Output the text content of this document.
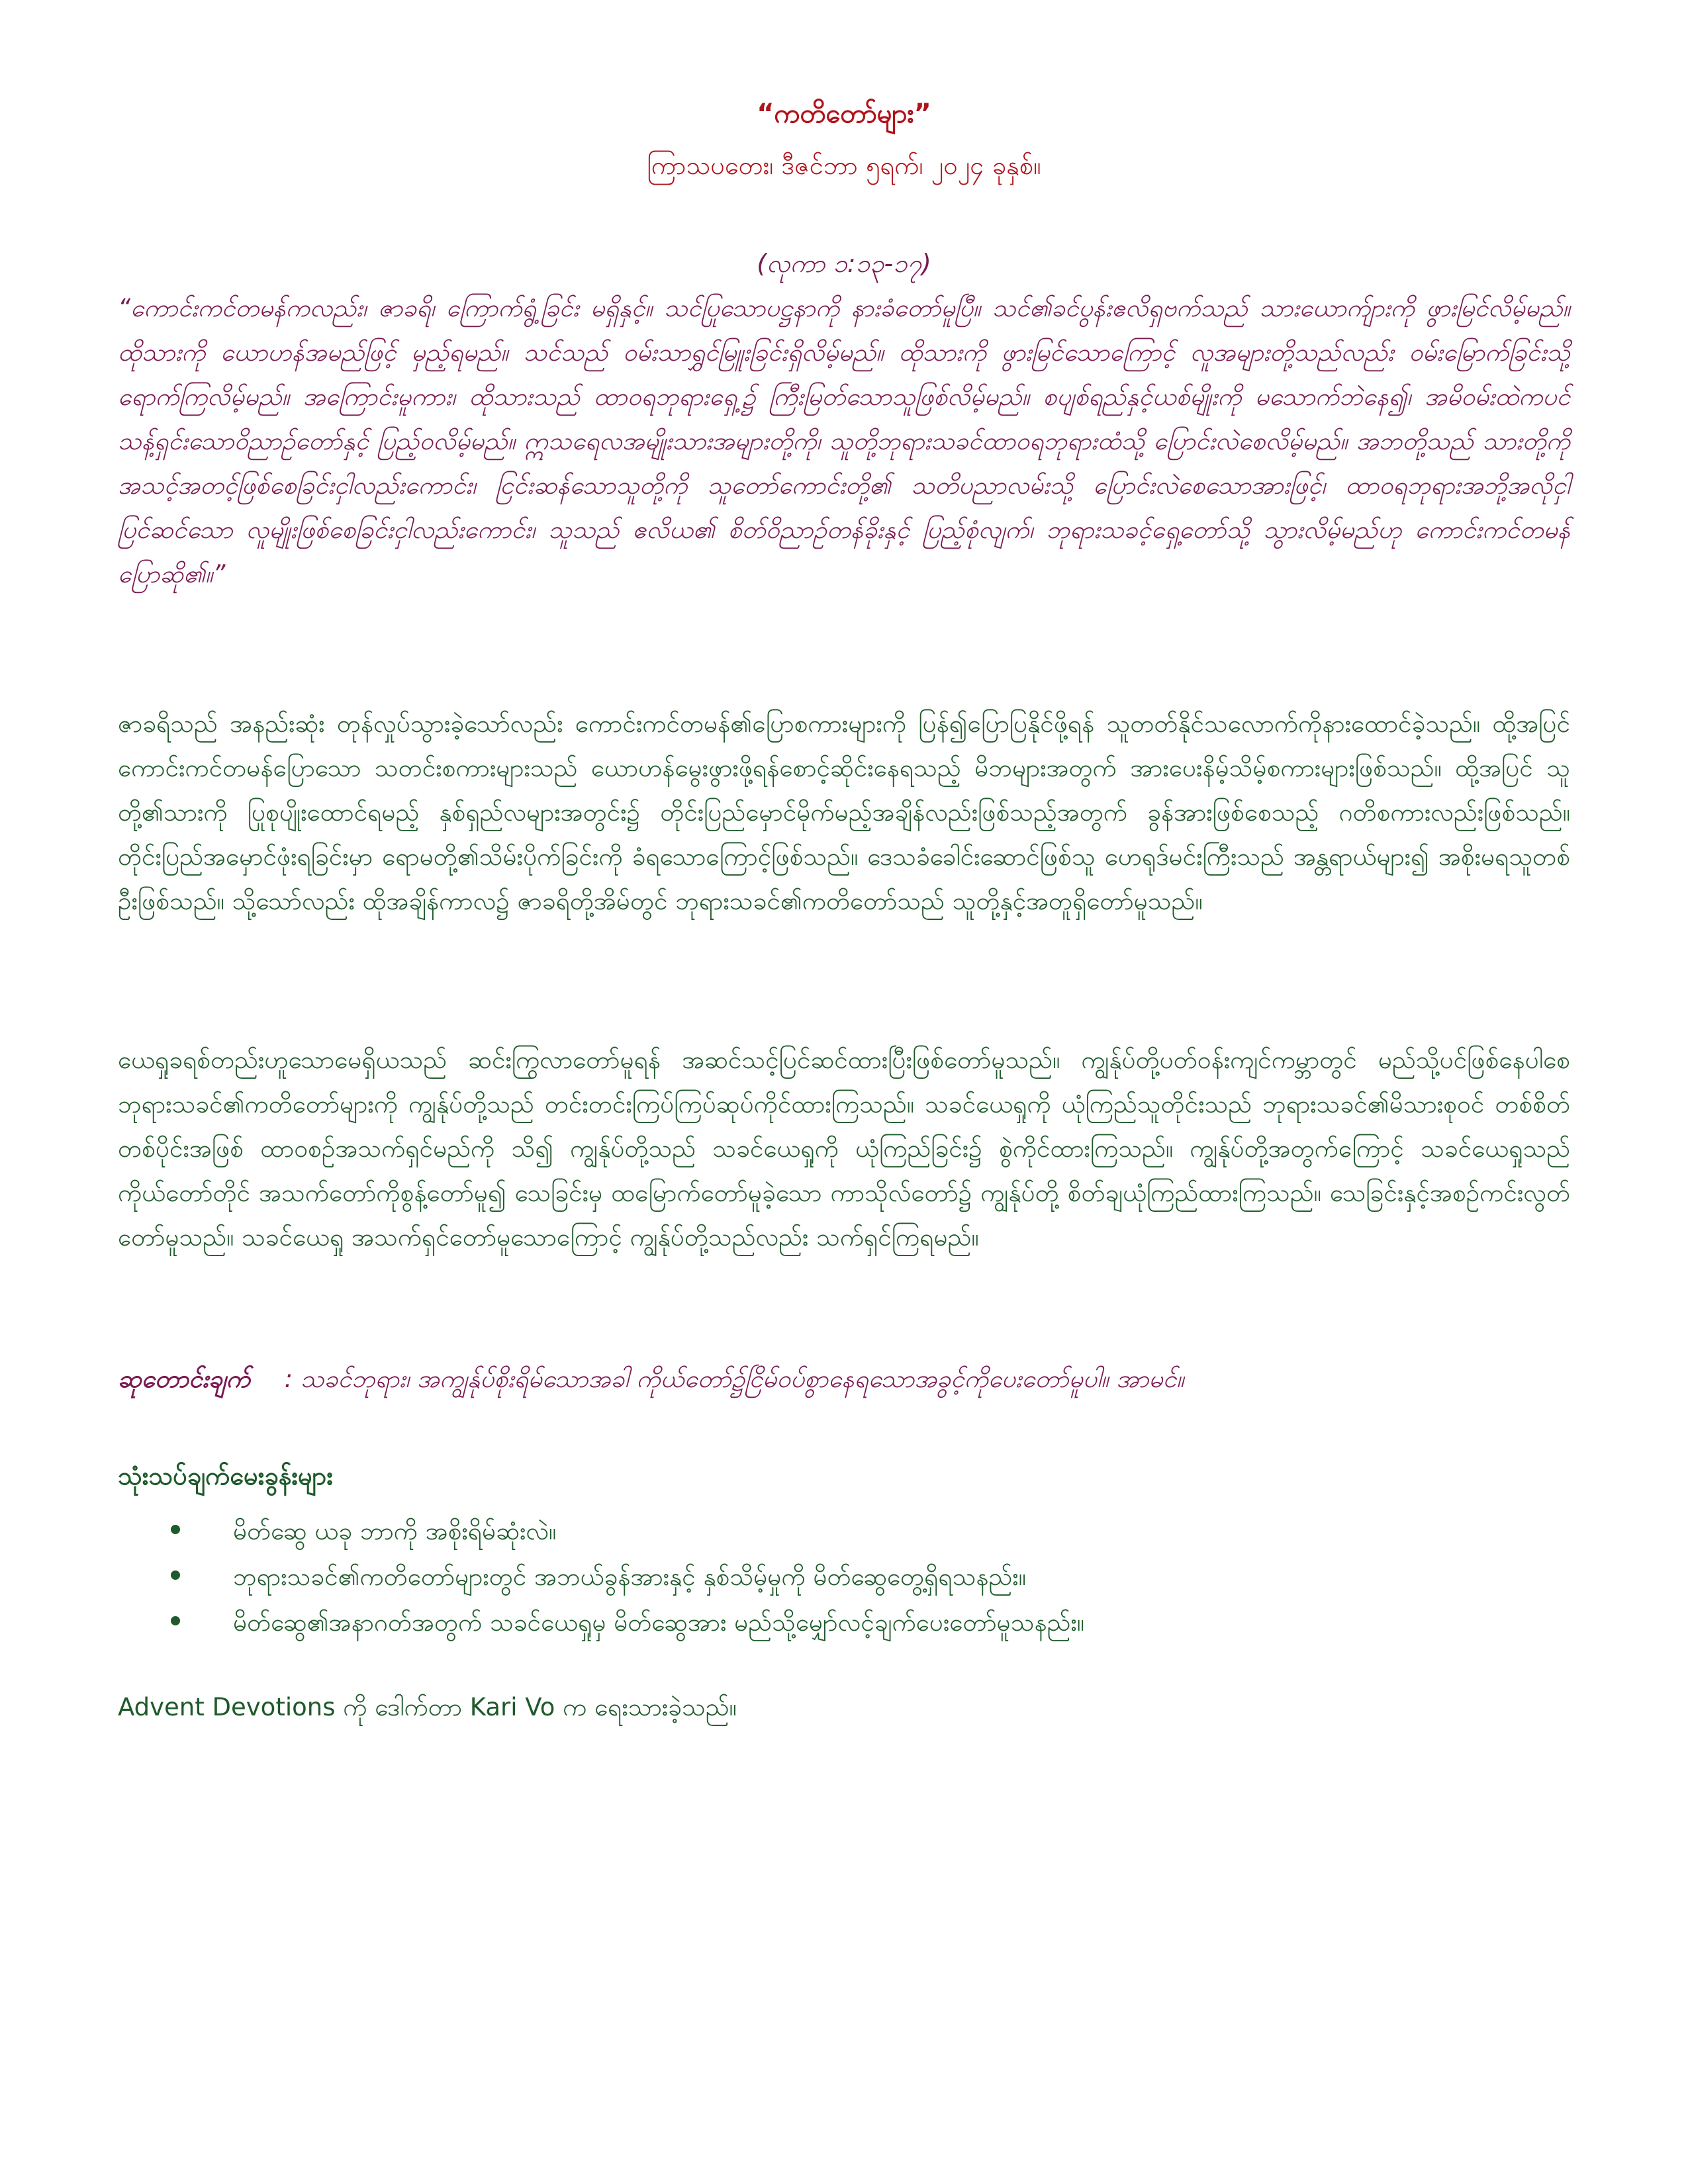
“ကတိတော်များ”
ကြာသပတေး၊ ဒီဇင်ဘာ ၅ရက်၊ ၂၀၂၄ ခုနှစ်။
(လုကာ ၁:၁၃-၁၇)

“ကောင်းကင်တမန်ကလည်း၊ ဇာခရိ၊ ကြောက်ရွံ့ခြင်း မရှိနှင့်။ သင်ပြုသောပဋ္ဌနာကို နားခံတော်မူပြီ။ သင်၏ခင်ပွန်းဧလိရှဗက်သည် သားယောက်ျားကို ဖွားမြင်လိမ့်မည်။ ထိုသားကို ယောဟန်အမည်ဖြင့် မှည့်ရမည်။ သင်သည် ဝမ်းသာရွှင်မြူးခြင်းရှိလိမ့်မည်။ ထိုသားကို ဖွားမြင်သောကြောင့် လူအများတို့သည်လည်း ဝမ်းမြောက်ခြင်းသို့ရောက်ကြလိမ့်မည်။ အကြောင်းမူကား၊ ထိုသားသည် ထာဝရဘုရားရှေ့၌ ကြီးမြတ်သောသူဖြစ်လိမ့်မည်။ စပျစ်ရည်နှင့်ယစ်မျိုးကို မသောက်ဘဲနေ၍၊ အမိဝမ်းထဲကပင် သန့်ရှင်းသောဝိညာဉ်တော်နှင့် ပြည့်ဝလိမ့်မည်။ ဣသရေလအမျိုးသားအများတို့ကို၊ သူတို့ဘုရားသခင်ထာဝရဘုရားထံသို့ ပြောင်းလဲစေလိမ့်မည်။ အဘတို့သည် သားတို့ကို အသင့်အတင့်ဖြစ်စေခြင်းငှါလည်းကောင်း၊ ငြင်းဆန်သောသူတို့ကို သူတော်ကောင်းတို့၏ သတိပညာလမ်းသို့ ပြောင်းလဲစေသောအားဖြင့်၊ ထာဝရဘုရားအဘို့အလိုငှါ ပြင်ဆင်သော လူမျိုးဖြစ်စေခြင်းငှါလည်းကောင်း၊ သူသည် ဧလိယ၏ စိတ်ဝိညာဉ်တန်ခိုးနှင့် ပြည့်စုံလျက်၊ ဘုရားသခင့်ရှေ့တော်သို့ သွားလိမ့်မည်ဟု ကောင်းကင်တမန်ပြောဆို၏။”

ဇာခရိသည် အနည်းဆုံး တုန်လှုပ်သွားခဲ့သော်လည်း ကောင်းကင်တမန်၏ပြောစကားများကို ပြန်၍ပြောပြနိုင်ဖို့ရန် သူတတ်နိုင်သလောက်ကိုနားထောင်ခဲ့သည်။ ထို့အပြင် ကောင်းကင်တမန်ပြောသော သတင်းစကားများသည် ယောဟန်မွေးဖွားဖို့ရန်စောင့်ဆိုင်းနေရသည့် မိဘများအတွက် အားပေးနိမ့်သိမ့်စကားများဖြစ်သည်။ ထို့အပြင် သူတို့၏သားကို ပြုစုပျိုးထောင်ရမည့် နှစ်ရှည်လများအတွင်း၌ တိုင်းပြည်မှောင်မိုက်မည့်အချိန်လည်းဖြစ်သည့်အတွက် ခွန်အားဖြစ်စေသည့် ဂတိစကားလည်းဖြစ်သည်။ တိုင်းပြည်အမှောင်ဖုံးရခြင်းမှာ ရောမတို့၏သိမ်းပိုက်ခြင်းကို ခံရသောကြောင့်ဖြစ်သည်။ ဒေသခံခေါင်းဆောင်ဖြစ်သူ ဟေရုဒ်မင်းကြီးသည် အန္တရာယ်များ၍ အစိုးမရသူတစ်ဦးဖြစ်သည်။ သို့သော်လည်း ထိုအချိန်ကာလ၌ ဇာခရိတို့အိမ်တွင် ဘုရားသခင်၏ကတိတော်သည် သူတို့နှင့်အတူရှိတော်မူသည်။

ယေရှုခရစ်တည်းဟူသောမေရှိယသည် ဆင်းကြွလာတော်မူရန် အဆင်သင့်ပြင်ဆင်ထားပြီးဖြစ်တော်မူသည်။ ကျွန်ုပ်တို့ပတ်ဝန်းကျင်ကမ္ဘာတွင် မည်သို့ပင်ဖြစ်နေပါစေ ဘုရားသခင်၏ကတိတော်များကို ကျွန်ုပ်တို့သည် တင်းတင်းကြပ်ကြပ်ဆုပ်ကိုင်ထားကြသည်။ သခင်ယေရှုကို ယုံကြည်သူတိုင်းသည် ဘုရားသခင်၏မိသားစုဝင် တစ်စိတ်တစ်ပိုင်းအဖြစ် ထာဝစဉ်အသက်ရှင်မည်ကို သိ၍ ကျွန်ုပ်တို့သည် သခင်ယေရှုကို ယုံကြည်ခြင်း၌ စွဲကိုင်ထားကြသည်။ ကျွန်ုပ်တို့အတွက်ကြောင့် သခင်ယေရှုသည် ကိုယ်တော်တိုင် အသက်တော်ကိုစွန့်တော်မူ၍ သေခြင်းမှ ထမြောက်တော်မူခဲ့သော ကာသိုလ်တော်၌ ကျွန်ုပ်တို့ စိတ်ချယုံကြည်ထားကြသည်။ သေခြင်းနှင့်အစဉ်ကင်းလွတ်တော်မူသည်။ သခင်ယေရှု အသက်ရှင်တော်မူသောကြောင့် ကျွန်ုပ်တို့သည်လည်း သက်ရှင်ကြရမည်။

ဆုတောင်းချက် : သခင်ဘုရား၊ အကျွန်ုပ်စိုးရိမ်သောအခါ ကိုယ်တော်၌ငြိမ်ဝပ်စွာနေရသောအခွင့်ကိုပေးတော်မူပါ။ အာမင်။

သုံးသပ်ချက်မေးခွန်းများ

မိတ်ဆွေ ယခု ဘာကို အစိုးရိမ်ဆုံးလဲ။
ဘုရားသခင်၏ကတိတော်များတွင် အဘယ်ခွန်အားနှင့် နှစ်သိမ့်မှုကို မိတ်ဆွေတွေ့ရှိရသနည်း။
မိတ်ဆွေ၏အနာဂတ်အတွက် သခင်ယေရှုမှ မိတ်ဆွေအား မည်သို့မျှော်လင့်ချက်ပေးတော်မူသနည်း။

Advent Devotions ကို ဒေါက်တာ Kari Vo က ရေးသားခဲ့သည်။
